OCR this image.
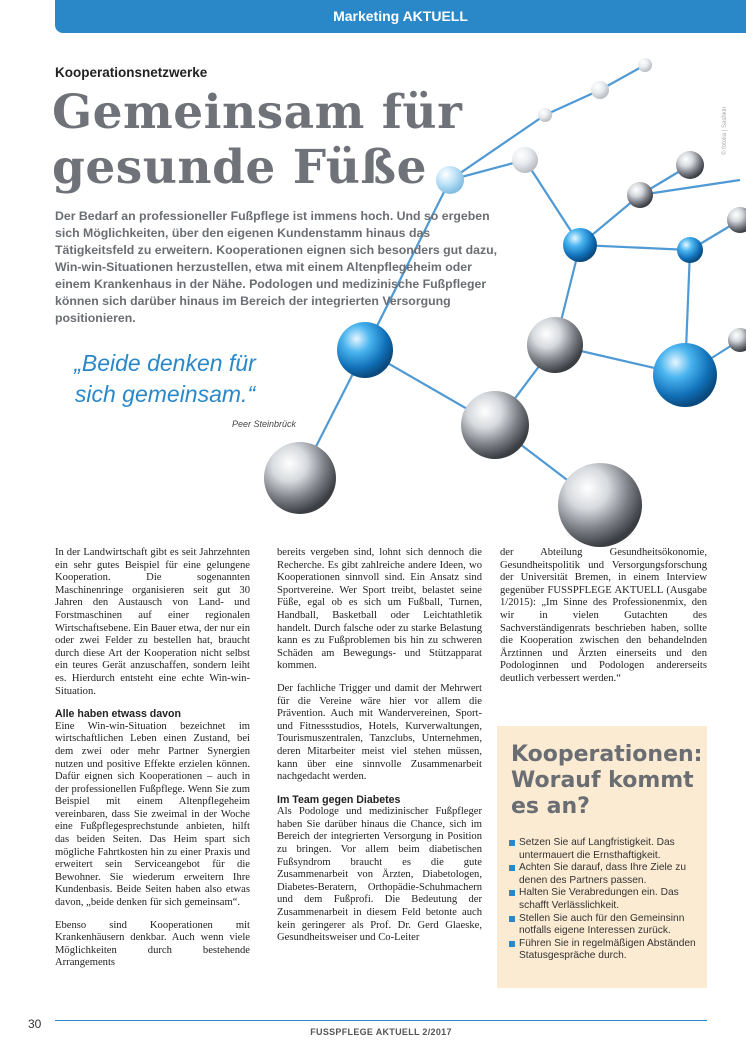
Marketing AKTUELL
© fotolia | Sashkin
Kooperationsnetzwerke
Gemeinsam für
gesunde Füße
Der Bedarf an professioneller Fußpflege ist immens hoch. Und so ergeben sich Möglichkeiten, über den eigenen Kundenstamm hinaus das Tätigkeitsfeld zu erweitern. Kooperationen eignen sich besonders gut dazu, Win-win-Situationen herzustellen, etwa mit einem Altenpflegeheim oder einem Krankenhaus in der Nähe. Podologen und medizinische Fußpfleger können sich darüber hinaus im Bereich der integrierten Versorgung positionieren.
„Beide denken für sich gemeinsam.“
Peer Steinbrück

In der Landwirtschaft gibt es seit Jahrzehnten ein sehr gutes Beispiel für eine gelungene Kooperation. Die sogenannten Maschinenringe organisieren seit gut 30 Jahren den Austausch von Land- und Forstmaschinen auf einer regionalen Wirtschaftsebene. Ein Bauer etwa, der nur ein oder zwei Felder zu bestellen hat, braucht durch diese Art der Kooperation nicht selbst ein teures Gerät anzuschaffen, sondern leiht es. Hierdurch entsteht eine echte Win-win-Situation.

Alle haben etwass davon

Eine Win-win-Situation bezeichnet im wirtschaftlichen Leben einen Zustand, bei dem zwei oder mehr Partner Synergien nutzen und positive Effekte erzielen können. Dafür eignen sich Kooperationen – auch in der professionellen Fußpflege. Wenn Sie zum Beispiel mit einem Altenpflegeheim vereinbaren, dass Sie zweimal in der Woche eine Fußpflegesprechstunde anbieten, hilft das beiden Seiten. Das Heim spart sich mögliche Fahrtkosten hin zu einer Praxis und erweitert sein Serviceangebot für die Bewohner. Sie wiederum erweitern Ihre Kundenbasis. Beide Seiten haben also etwas davon, „beide denken für sich gemeinsam“.

Ebenso sind Kooperationen mit Krankenhäusern denkbar. Auch wenn viele Möglichkeiten durch bestehende Arrangements

bereits vergeben sind, lohnt sich dennoch die Recherche. Es gibt zahlreiche andere Ideen, wo Kooperationen sinnvoll sind. Ein Ansatz sind Sportvereine. Wer Sport treibt, belastet seine Füße, egal ob es sich um Fußball, Turnen, Handball, Basketball oder Leichtathletik handelt. Durch falsche oder zu starke Belastung kann es zu Fußproblemen bis hin zu schweren Schäden am Bewegungs- und Stützapparat kommen.

Der fachliche Trigger und damit der Mehrwert für die Vereine wäre hier vor allem die Prävention. Auch mit Wandervereinen, Sport- und Fitnessstudios, Hotels, Kurverwaltungen, Tourismuszentralen, Tanzclubs, Unternehmen, deren Mitarbeiter meist viel stehen müssen, kann über eine sinnvolle Zusammenarbeit nachgedacht werden.

Im Team gegen Diabetes

Als Podologe und medizinischer Fußpfleger haben Sie darüber hinaus die Chance, sich im Bereich der integrierten Versorgung in Position zu bringen. Vor allem beim diabetischen Fußsyndrom braucht es die gute Zusammenarbeit von Ärzten, Diabetologen, Diabetes-Beratern, Orthopädie-Schuhmachern und dem Fußprofi. Die Bedeutung der Zusammenarbeit in diesem Feld betonte auch kein geringerer als Prof. Dr. Gerd Glaeske, Gesundheitsweiser und Co-Leiter

der Abteilung Gesundheitsökonomie, Gesundheitspolitik und Versorgungsforschung der Universität Bremen, in einem Interview gegenüber FUSSPFLEGE AKTUELL (Ausgabe 1/2015): „Im Sinne des Professionenmix, den wir in vielen Gutachten des Sachverständigenrats beschrieben haben, sollte die Kooperation zwischen den behandelnden Ärztinnen und Ärzten einerseits und den Podologinnen und Podologen andererseits deutlich verbessert werden.“

Kooperationen: Worauf kommt es an?
Setzen Sie auf Langfristigkeit. Das untermauert die Ernsthaftigkeit.
Achten Sie darauf, dass Ihre Ziele zu denen des Partners passen.
Halten Sie Verabredungen ein. Das schafft Verlässlichkeit.
Stellen Sie auch für den Gemeinsinn notfalls eigene Interessen zurück.
Führen Sie in regelmäßigen Abständen Statusgespräche durch.
30
FUSSPFLEGE AKTUELL 2/2017
